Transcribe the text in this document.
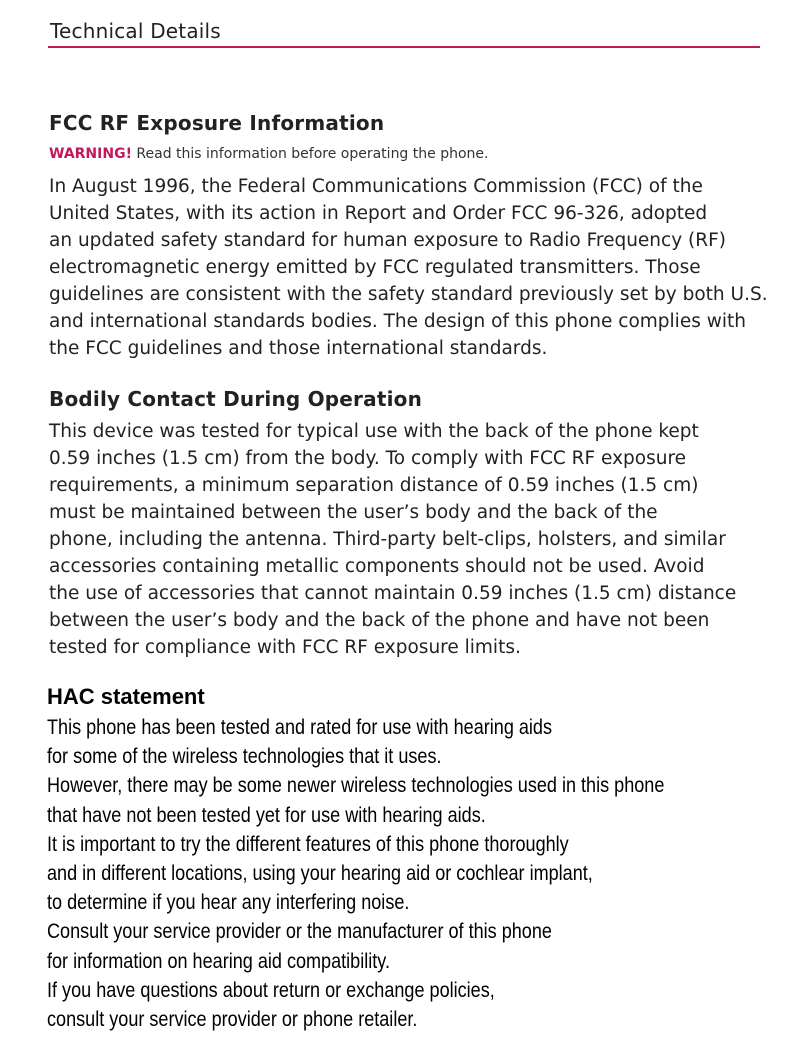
Technical Details
FCC RF Exposure Information
WARNING! Read this information before operating the phone.
In August 1996, the Federal Communications Commission (FCC) of the
United States, with its action in Report and Order FCC 96-326, adopted
an updated safety standard for human exposure to Radio Frequency (RF)
electromagnetic energy emitted by FCC regulated transmitters. Those
guidelines are consistent with the safety standard previously set by both U.S.
and international standards bodies. The design of this phone complies with
the FCC guidelines and those international standards.
Bodily Contact During Operation
This device was tested for typical use with the back of the phone kept
0.59 inches (1.5 cm) from the body. To comply with FCC RF exposure
requirements, a minimum separation distance of 0.59 inches (1.5 cm)
must be maintained between the user’s body and the back of the
phone, including the antenna. Third-party belt-clips, holsters, and similar
accessories containing metallic components should not be used. Avoid
the use of accessories that cannot maintain 0.59 inches (1.5 cm) distance
between the user’s body and the back of the phone and have not been
tested for compliance with FCC RF exposure limits.
HAC statement
This phone has been tested and rated for use with hearing aids
for some of the wireless technologies that it uses.
However, there may be some newer wireless technologies used in this phone
that have not been tested yet for use with hearing aids.
It is important to try the different features of this phone thoroughly
and in different locations, using your hearing aid or cochlear implant,
to determine if you hear any interfering noise.
Consult your service provider or the manufacturer of this phone
for information on hearing aid compatibility.
If you have questions about return or exchange policies,
consult your service provider or phone retailer.
